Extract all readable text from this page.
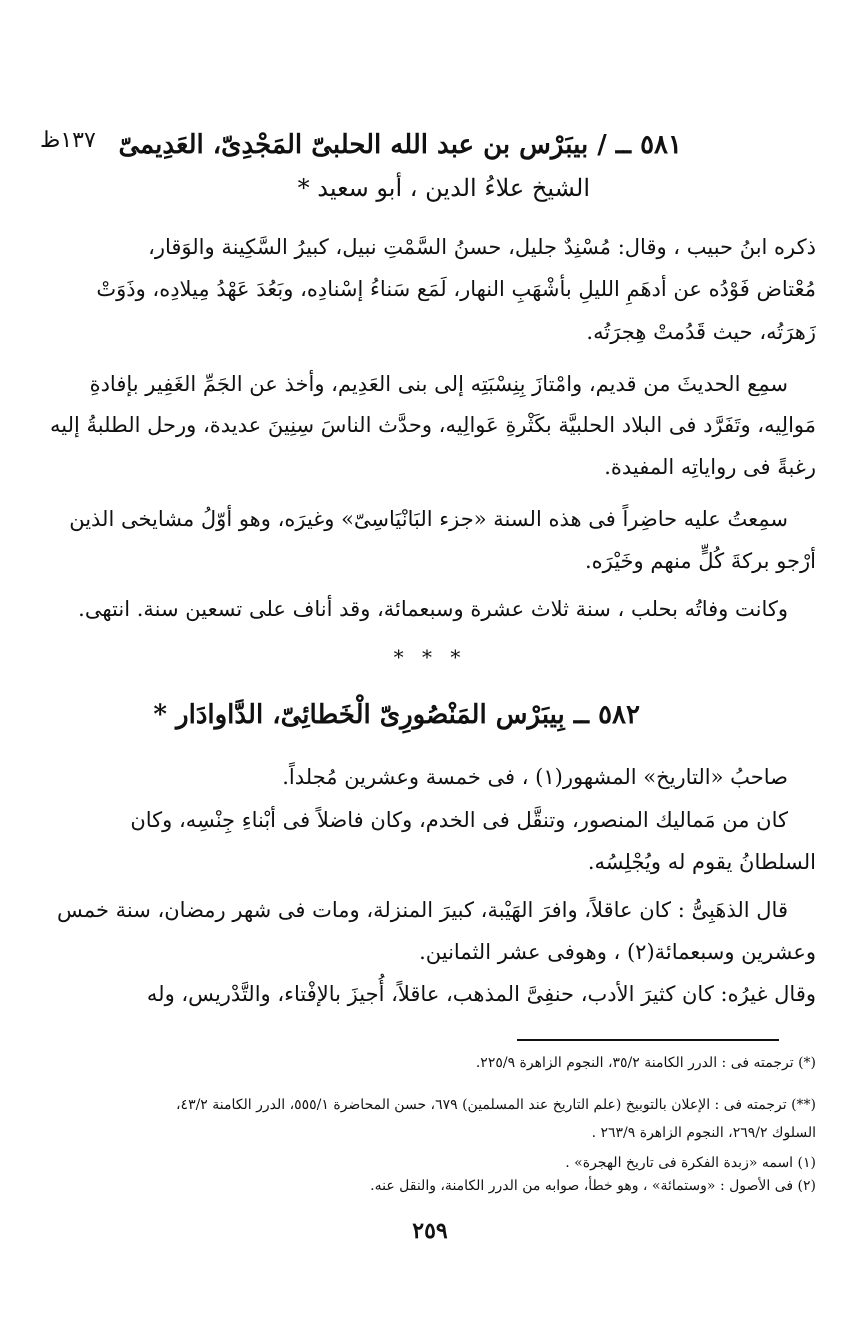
١٣٧ظ ٥٨١ ــ / بيبَرْس بن عبد الله الحلبىّ المَجْدِىّ، العَدِيمىّ
الشيخ علاءُ الدين ، أبو سعيد *
ذكره ابنُ حبيب ، وقال: مُسْنِدٌ جليل، حسنُ السَّمْتِ نبيل، كبيرُ السَّكِينة والوَقار،
مُعْتاض فَوْدُه عن أدهَمِ الليلِ بأشْهَبِ النهار، لَمَع سَناءُ إسْنادِه، وبَعُدَ عَهْدُ مِيلادِه، وذَوَتْ
زَهرَتُه، حيث قَدُمتْ هِجرَتُه.
سمِع الحديثَ من قديم، وامْتازَ بِنِسْبَتِه إلى بنى العَدِيم، وأخذ عن الجَمِّ الغَفِير بإفادةِ
مَوالِيه، وتَفَرَّد فى البلاد الحلبيَّة بكَثْرةِ عَوالِيه، وحدَّث الناسَ سِنِينَ عديدة، ورحل الطلبةُ إليه
رغبةً فى رواياتِه المفيدة.
سمِعتُ عليه حاضِراً فى هذه السنة «جزء البَانْيَاسِىّ» وغيرَه، وهو أوّلُ مشايخى الذين
أرْجو بركةَ كُلٍّ منهم وخَيْرَه.
وكانت وفاتُه بحلب ، سنة ثلاث عشرة وسبعمائة، وقد أناف على تسعين سنة. انتهى.
* * *
٥٨٢ ــ بِيبَرْس المَنْصُورِىّ الْخَطائِىّ، الدَّاوادَار *
صاحبُ «التاريخ» المشهور(١) ، فى خمسة وعشرين مُجلداً.
كان من مَماليك المنصور، وتنقَّل فى الخدم، وكان فاضلاً فى أبْناءِ جِنْسِه، وكان
السلطانُ يقوم له ويُجْلِسُه.
قال الذهَبِىُّ : كان عاقلاً، وافرَ الهَيْبة، كبيرَ المنزلة، ومات فى شهر رمضان، سنة خمس
وعشرين وسبعمائة(٢) ، وهوفى عشر الثمانين.
وقال غيرُه: كان كثيرَ الأدب، حنفِىَّ المذهب، عاقلاً، أُجيزَ بالإفْتاء، والتَّدْريس، وله
(*) ترجمته فى : الدرر الكامنة ٣٥/٢، النجوم الزاهرة ٢٢٥/٩.
(**) ترجمته فى : الإعلان بالتوبيخ (علم التاريخ عند المسلمين) ٦٧٩، حسن المحاضرة ٥٥٥/١، الدرر الكامنة ٤٣/٢،
السلوك ٢٦٩/٢، النجوم الزاهرة ٢٦٣/٩ .
(١) اسمه «زبدة الفكرة فى تاريخ الهجرة» .
(٢) فى الأصول : «وستمائة» ، وهو خطأ، صوابه من الدرر الكامنة، والنقل عنه.
٢٥٩
